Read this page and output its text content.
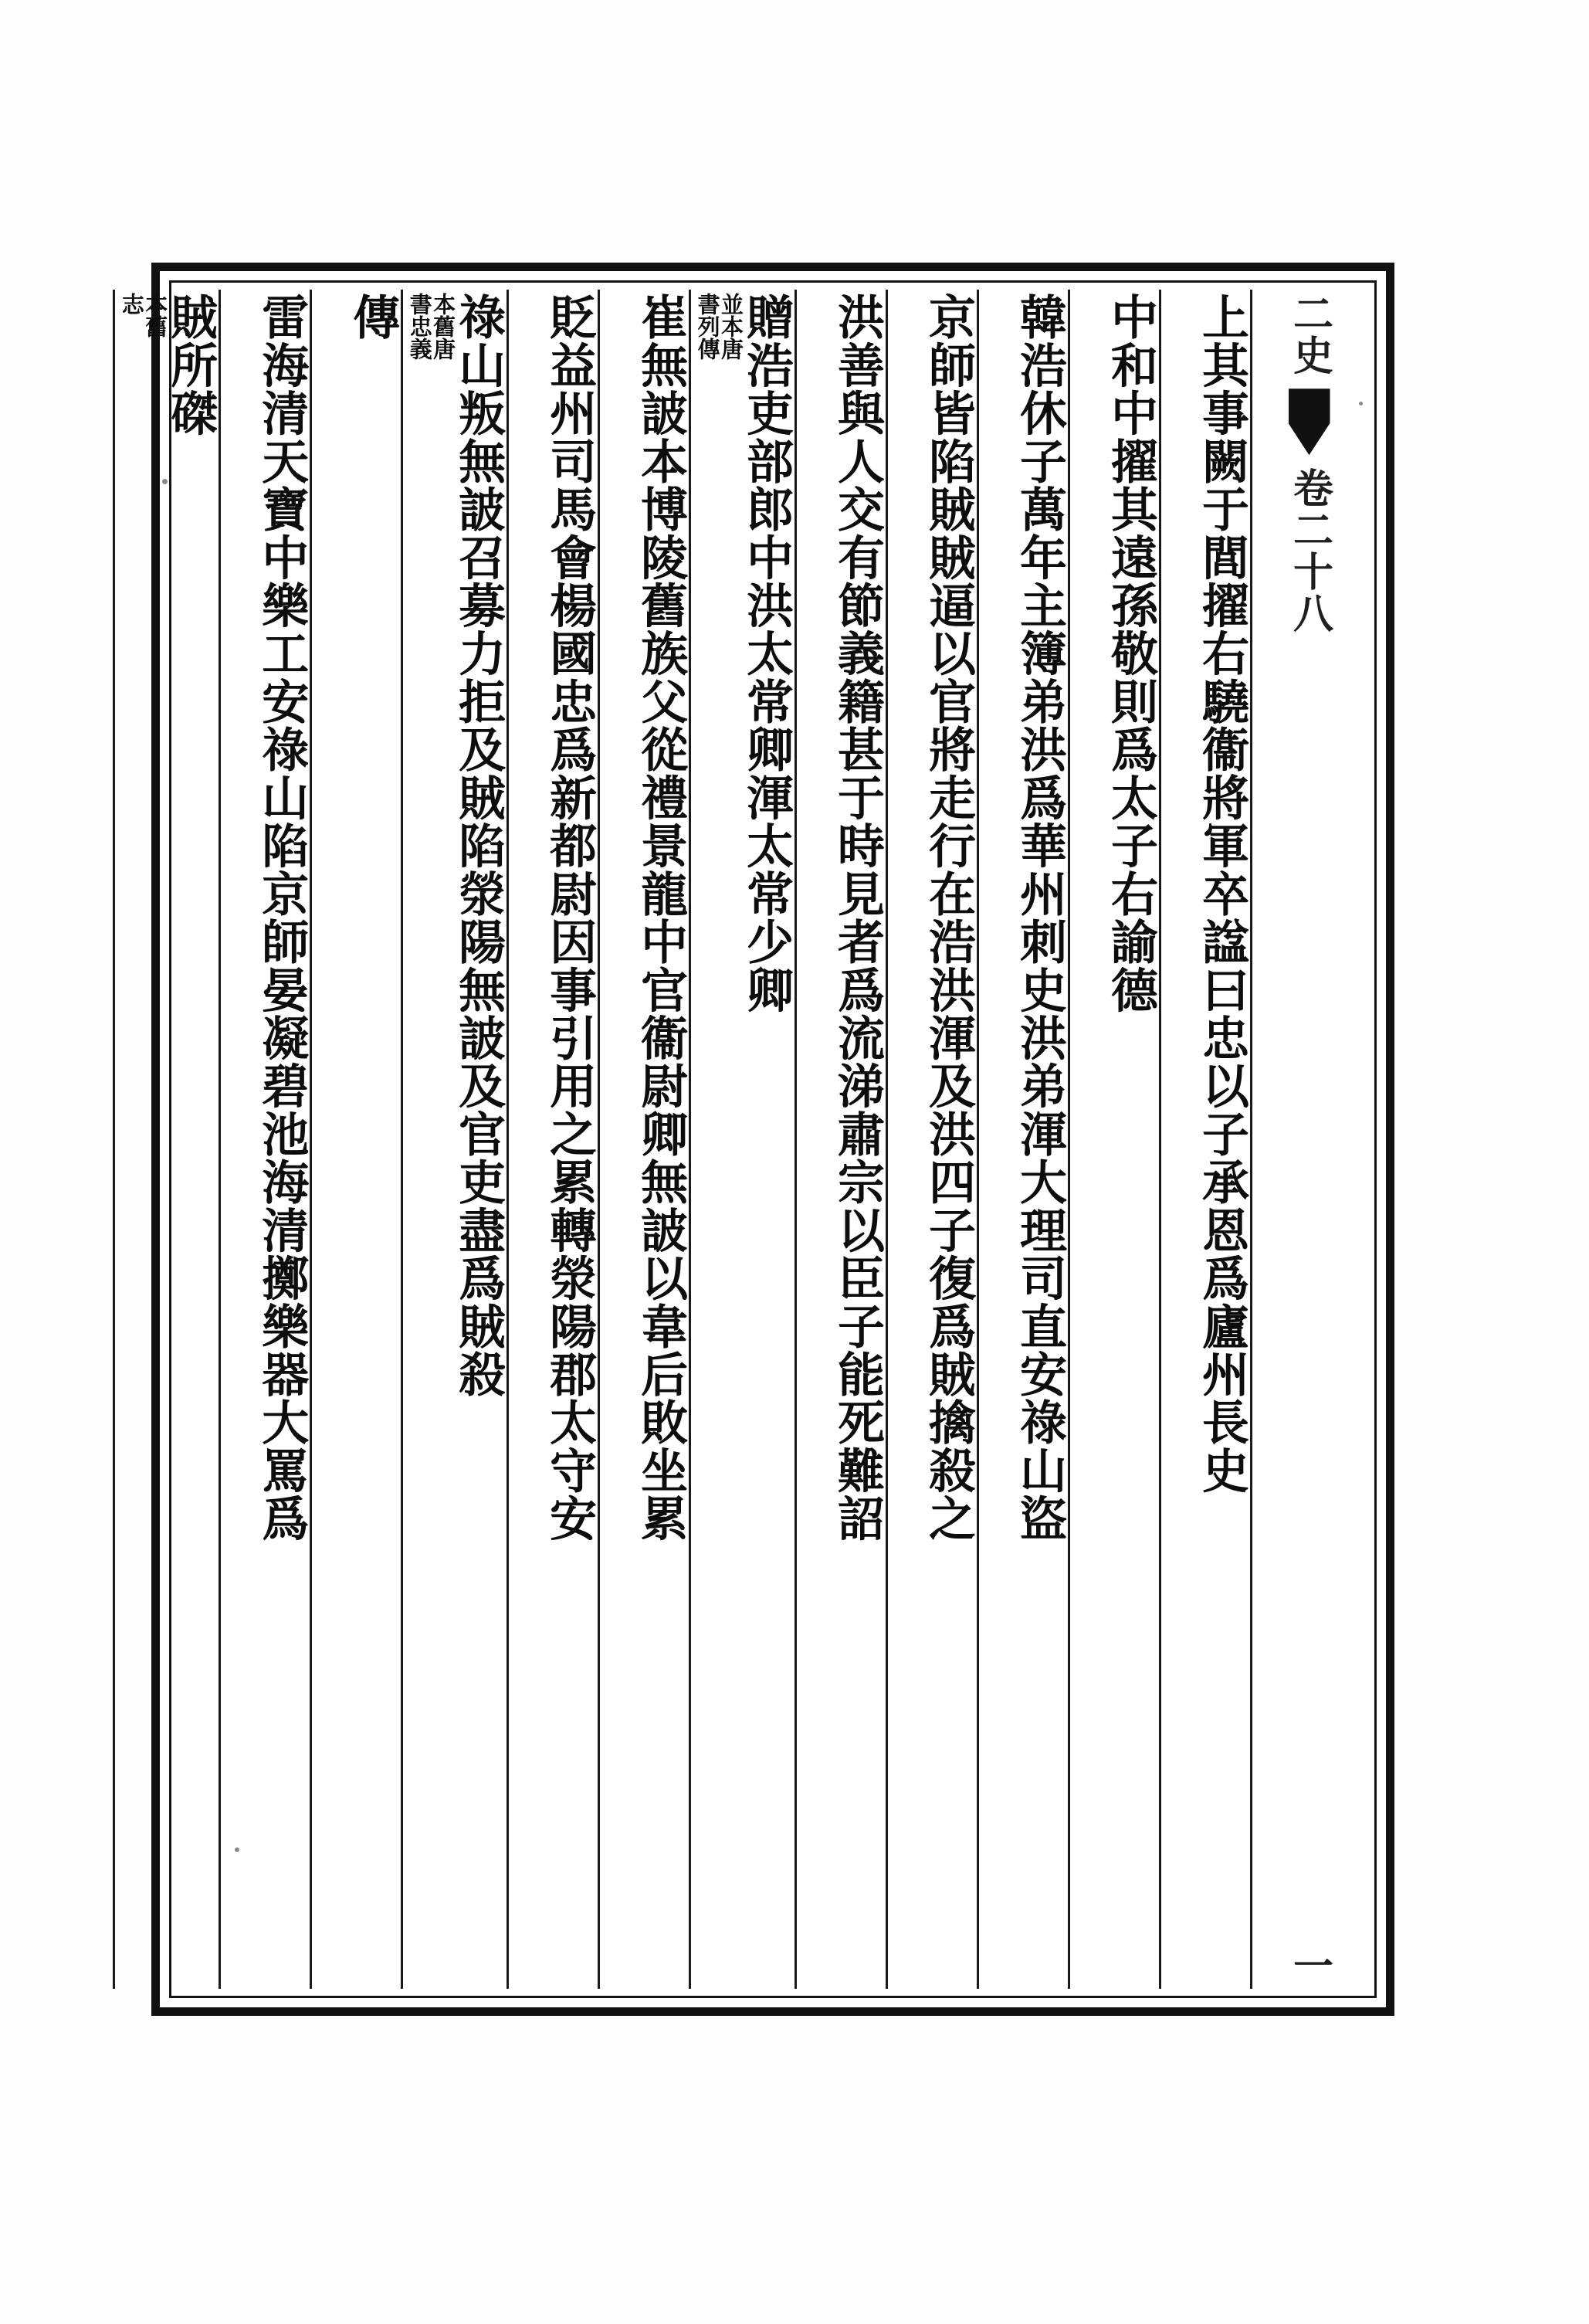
二
史
卷
二
十
八
一
上其事闕于閭擢右驍衞將軍卒諡曰忠以子承恩爲廬州長史
中和中擢其遠孫敬則爲太子右諭德
韓浩休子萬年主簿弟洪爲華州刺史洪弟渾大理司直安祿山盜
京師皆陷賊賊逼以官將走行在浩洪渾及洪四子復爲賊擒殺之
洪善與人交有節義籍甚于時見者爲流涕肅宗以臣子能死難詔
贈浩吏部郎中洪太常卿渾太常少卿
並本唐
書列傳
崔無詖本博陵舊族父從禮景龍中官衞尉卿無詖以韋后敗坐累
貶益州司馬會楊國忠爲新都尉因事引用之累轉滎陽郡太守安
祿山叛無詖召募力拒及賊陷滎陽無詖及官吏盡爲賊殺
本舊唐
書忠義
傳
雷海清天寶中樂工安祿山陷京師晏凝碧池海清擲樂器大罵爲
賊所磔
本舊
志
